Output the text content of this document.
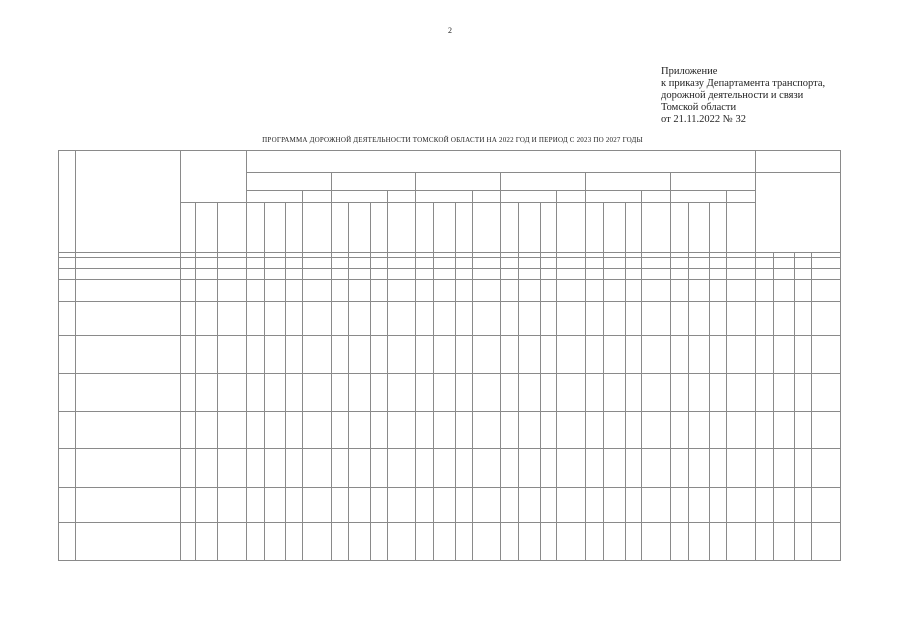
2
Приложение
к приказу Департамента транспорта,
дорожной деятельности и связи
Томской области
от 21.11.2022 № 32
ПРОГРАММА ДОРОЖНОЙ ДЕЯТЕЛЬНОСТИ ТОМСКОЙ ОБЛАСТИ НА 2022 ГОД И ПЕРИОД С 2023 ПО 2027 ГОДЫ
